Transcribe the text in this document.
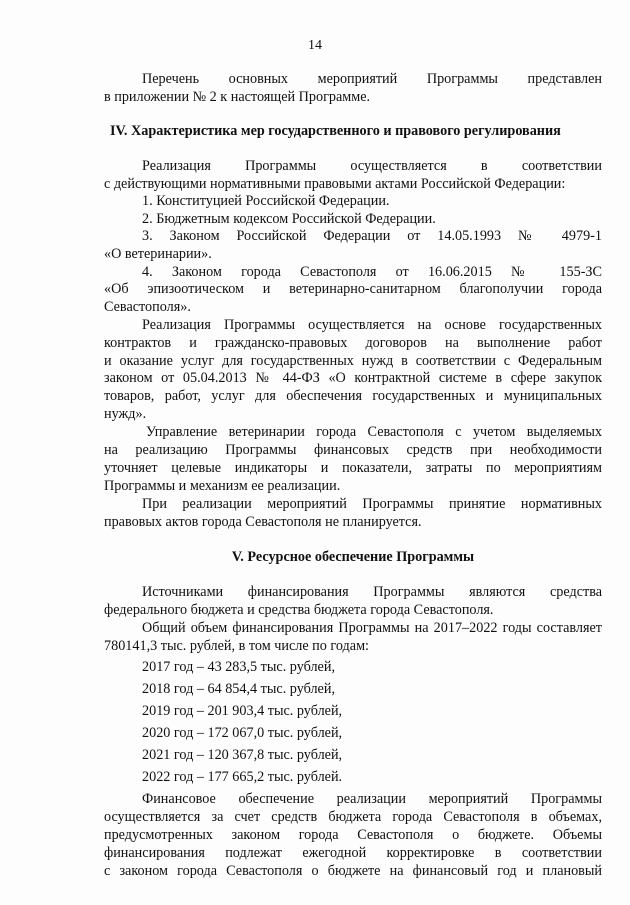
14
Перечень основных мероприятий Программы представлен
в приложении № 2 к настоящей Программе.
IV. Характеристика мер государственного и правового регулирования
Реализация Программы осуществляется в соответствии
с действующими нормативными правовыми актами Российской Федерации:
1. Конституцией Российской Федерации.
2. Бюджетным кодексом Российской Федерации.
3. Законом Российской Федерации от 14.05.1993 № 4979-1
«О ветеринарии».
4. Законом города Севастополя от 16.06.2015 № 155-ЗС
«Об эпизоотическом и ветеринарно-санитарном благополучии города
Севастополя».
Реализация Программы осуществляется на основе государственных
контрактов и гражданско-правовых договоров на выполнение работ
и оказание услуг для государственных нужд в соответствии с Федеральным
законом от 05.04.2013 № 44-ФЗ «О контрактной системе в сфере закупок
товаров, работ, услуг для обеспечения государственных и муниципальных
нужд».
Управление ветеринарии города Севастополя с учетом выделяемых
на реализацию Программы финансовых средств при необходимости
уточняет целевые индикаторы и показатели, затраты по мероприятиям
Программы и механизм ее реализации.
При реализации мероприятий Программы принятие нормативных
правовых актов города Севастополя не планируется.
V. Ресурсное обеспечение Программы
Источниками финансирования Программы являются средства
федерального бюджета и средства бюджета города Севастополя.
Общий объем финансирования Программы на 2017–2022 годы составляет
780141,3 тыс. рублей, в том числе по годам:
2017 год – 43 283,5 тыс. рублей,
2018 год – 64 854,4 тыс. рублей,
2019 год – 201 903,4 тыс. рублей,
2020 год – 172 067,0 тыс. рублей,
2021 год – 120 367,8 тыс. рублей,
2022 год – 177 665,2 тыс. рублей.
Финансовое обеспечение реализации мероприятий Программы
осуществляется за счет средств бюджета города Севастополя в объемах,
предусмотренных законом города Севастополя о бюджете. Объемы
финансирования подлежат ежегодной корректировке в соответствии
с законом города Севастополя о бюджете на финансовый год и плановый
